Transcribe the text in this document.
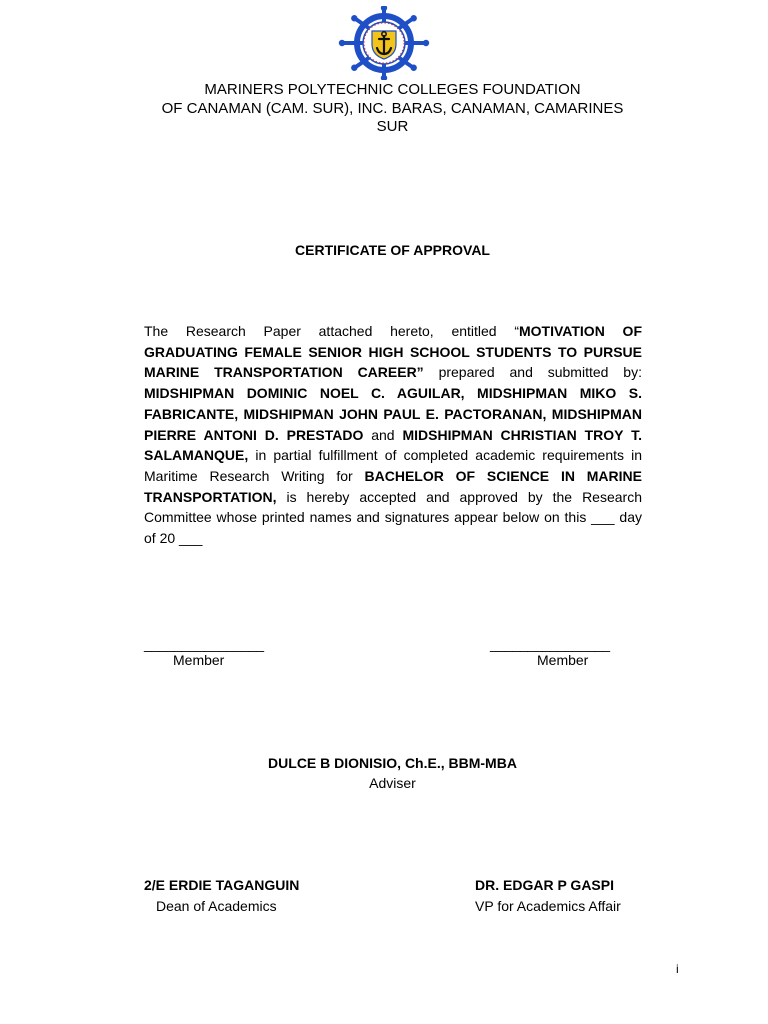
MARINERS POLYTECHNIC COLLEGES FOUNDATION
OF CANAMAN (CAM. SUR), INC. BARAS, CANAMAN, CAMARINES
SUR
CERTIFICATE OF APPROVAL

The Research Paper attached hereto, entitled “MOTIVATION OF GRADUATING FEMALE SENIOR HIGH SCHOOL STUDENTS TO PURSUE MARINE TRANSPORTATION CAREER” prepared and submitted by: MIDSHIPMAN DOMINIC NOEL C. AGUILAR, MIDSHIPMAN MIKO S. FABRICANTE, MIDSHIPMAN JOHN PAUL E. PACTORANAN, MIDSHIPMAN PIERRE ANTONI D. PRESTADO and MIDSHIPMAN CHRISTIAN TROY T. SALAMANQUE, in partial fulfillment of completed academic requirements in Maritime Research Writing for BACHELOR OF SCIENCE IN MARINE TRANSPORTATION, is hereby accepted and approved by the Research Committee whose printed names and signatures appear below on this ___ day of 20 ___

________________
Member
________________
Member
DULCE B DIONISIO, Ch.E., BBM-MBA
Adviser
2/E ERDIE TAGANGUIN
Dean of Academics
DR. EDGAR P GASPI
VP for Academics Affair
i
